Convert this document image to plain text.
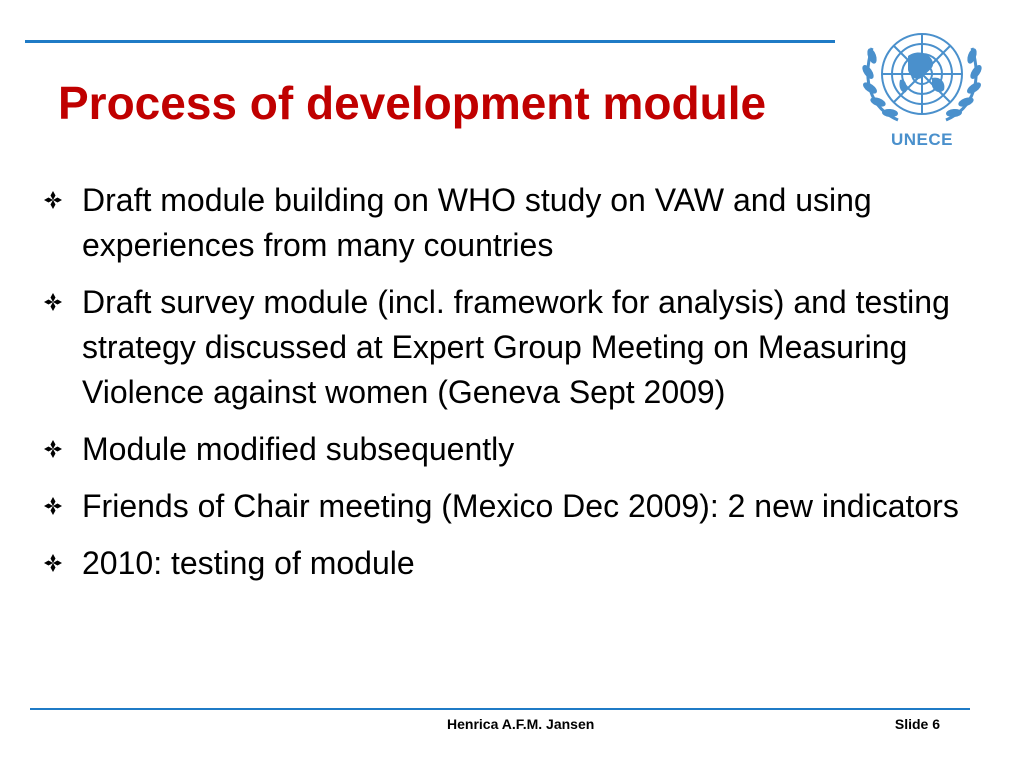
Process of development module
UNECE
Draft module building on WHO study on VAW and using experiences from many countries
Draft survey module (incl. framework for analysis) and testing strategy discussed at Expert Group Meeting on Measuring Violence against women (Geneva Sept 2009)
Module modified subsequently
Friends of Chair meeting (Mexico Dec 2009): 2 new indicators
2010: testing of module
Henrica A.F.M. Jansen	Slide 6
